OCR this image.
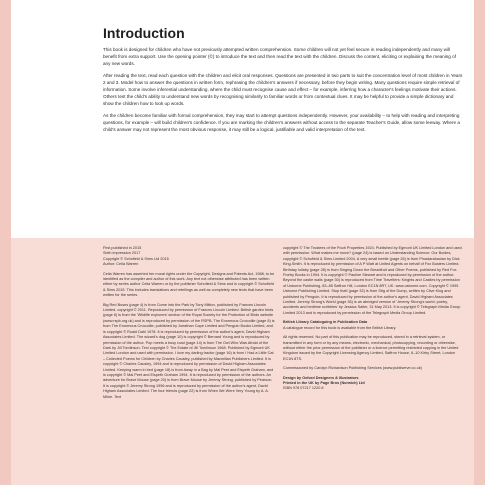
Introduction

This book is designed for children who have not previously attempted written comprehension. Some children will not yet feel secure in reading independently and many will benefit from extra support. Use the opening pointer (©) to introduce the text and then read the text with the children. Discuss the content, eliciting or explaining the meaning of any new words.

After reading the text, read each question with the children and elicit oral responses. Questions are presented in two parts to suit the concentration level of most children in Years 2 and 3. Model how to answer the questions in written form, rephrasing the children's answers if necessary, before they begin writing. Many questions require simple retrieval of information. Some involve inferential understanding, where the child must recognise cause and effect – for example, inferring how a character's feelings motivate their actions. Others test the child's ability to understand new words by recognising similarity to familiar words or from contextual clues. It may be helpful to provide a simple dictionary and show the children how to look up words.

As the children become familiar with formal comprehension, they may start to attempt questions independently. However, your availability – to help with reading and interpreting questions, for example – will build children's confidence. If you are marking the children's answers without access to the separate Teacher's Guide, allow some leeway. Where a child's answer may not represent the most obvious response, it may still be a logical, justifiable and valid interpretation of the text.

First published in 2015

Sixth impression 2017

Copyright © Schofield & Sims Ltd 2015

Author: Celia Warren

Celia Warren has asserted her moral rights under the Copyright, Designs and Patents Act, 1988, to be identified as the compiler and author of this work. Any text not otherwise attributed has been written either by series author Celia Warren or by the publisher Schofield & Sims and is copyright © Schofield & Sims 2015. This includes translations and retellings as well as completely new texts that have been written for the series.

Big Red Buses (page 4) is from Come into the Park by Tony Mitton, published by Frances Lincoln Limited, copyright © 2011. Reproduced by permission of Frances Lincoln Limited. British garden birds (page 6) is from the 'Wildlife explorers' section of the Royal Society for the Protection of Birds website (www.rspb.org.uk) and is reproduced by permission of the RSPB. The Enormous Crocodile (page 8) is from The Enormous Crocodile, published by Jonathan Cape Limited and Penguin Books Limited, and is copyright © Roald Dahl 1978. It is reproduced by permission of the author's agent, David Higham Associates Limited. The wizard's dog (page 10) is copyright © Bernard Young and is reproduced by permission of the author. Pop meets a busy road (page 14) is from The Owl Who Was Afraid of the Dark by Jill Tomlinson. Text copyright © The Estate of Jill Tomlinson 1968. Published by Egmont UK Limited London and used with permission. I love my darling tractor (page 16) is from I Had a Little Cat – Collected Poems for Children by Charles Causley, published by Macmillan Publishers Limited. It is copyright © Charles Causley, 1994 and is reproduced by permission of David Higham Associates Limited. Keeping warm in bed (page 18) is from Away in a Bag by Mal Peet and Elspeth Graham, and is copyright © Mal Peet and Elspeth Graham 1994. It is reproduced by permission of the authors. An adventure for Brave Mouse (page 20) is from Brave Mouse by Jeremy Strong, published by Pearson. It is copyright © Jeremy Strong 1996 and is reproduced by permission of the author's agent, David Higham Associates Limited. The four friends (page 22) is from When We Were Very Young by A. A. Milne. Text

copyright © The Trustees of the Pooh Properties 1924. Published by Egmont UK Limited London and used with permission. What makes me move? (page 24) is based on Understanding Science: Our Bodies, copyright © Schofield & Sims Limited 2004. A very small beetle (page 26) is from Pinadarabaulan by Dick King-Smith. It is reproduced by permission of A P Watt at United Agents on behalf of Fox Busters Limited. Birthday lullaby (page 28) is from Singing Down the Breadfruit and Other Poems, published by Red Fox Poetry Books in 1994. It is copyright © Pauline Stewart and is reproduced by permission of the author. Beyond the castle walls (page 30) is reproduced from Time Travellers: Knights and Castles by permission of Usborne Publishing, 83–85 Saffron Hill, London EC1N 8RT, UK. www.usborne.com. Copyright © 1995 Usborne Publishing Limited. Stop that! (page 32) is from Stig of the Dump, written by Clive King and published by Penguin. It is reproduced by permission of the author's agent, David Higham Associates Limited. Jeremy Strong's World (page 36) is an abridged version of 'Jeremy Strong's world: poetry, accidents and bedtime scribbles' by Jessica Salter, 31 May 2013. It is copyright © Telegraph Media Group Limited 2013 and is reproduced by permission of the Telegraph Media Group Limited.

British Library Cataloguing in Publication Data

A catalogue record for this book is available from the British Library.

All rights reserved. No part of this publication may be reproduced, stored in a retrieval system, or transmitted in any form or by any means, electronic, mechanical, photocopying, recording or otherwise, without either the prior permission of the publisher or a licence permitting restricted copying in the United Kingdom issued by the Copyright Licensing Agency Limited, Saffron House, 6–10 Kirby Street, London EC1N 8TS.

Commissioned by Carolyn Richardson Publishing Services (www.publiserve.co.uk)

Design by Oxford Designers & Illustrators

Printed in the UK by Page Bros (Norwich) Ltd

ISBN 978 07217 1220 8
